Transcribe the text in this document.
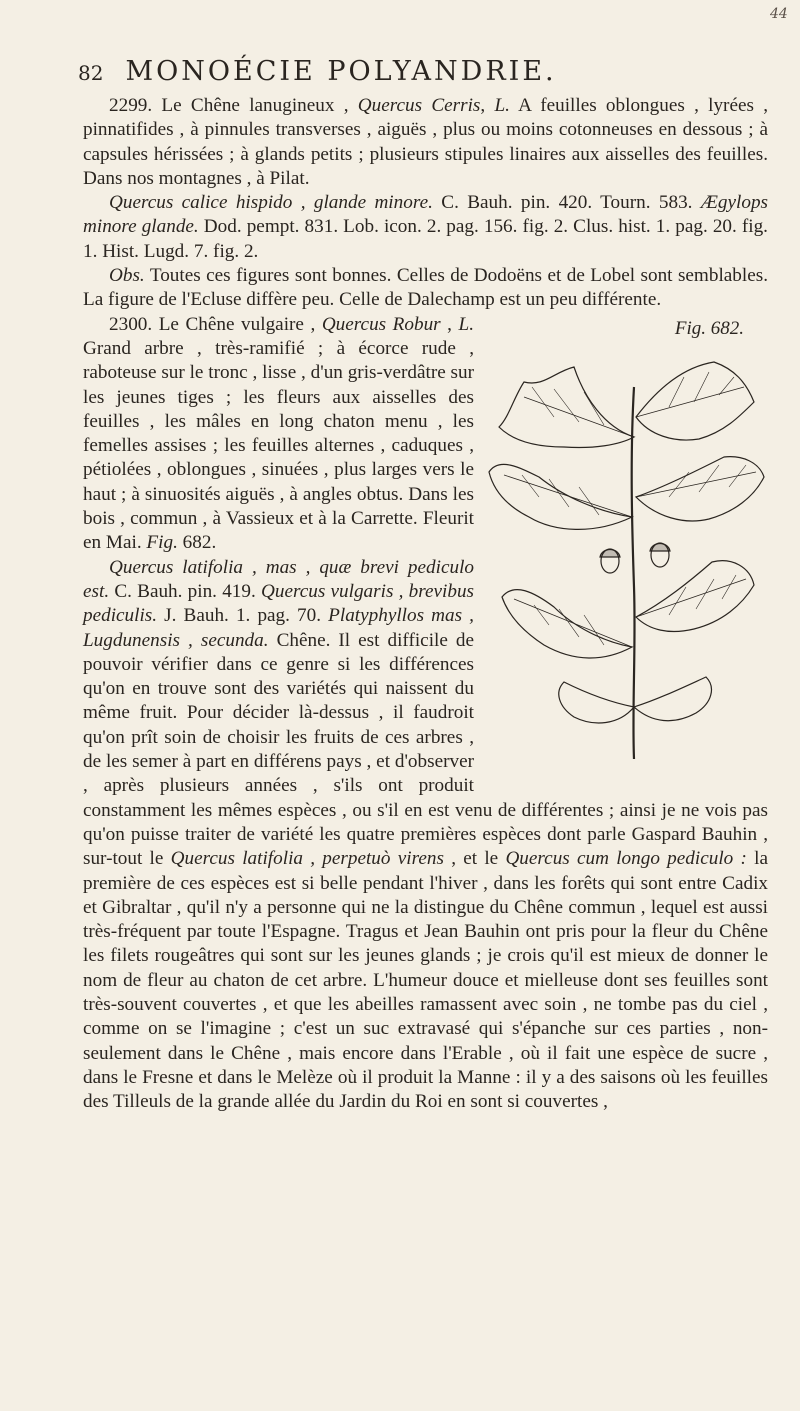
44
82 MONOÉCIE POLYANDRIE.

2299. Le Chêne lanugineux , Quercus Cerris, L. A feuilles oblongues , lyrées , pinnatifides , à pinnules transverses , aiguës , plus ou moins cotonneuses en dessous ; à capsules hérissées ; à glands petits ; plusieurs stipules linaires aux aisselles des feuilles. Dans nos montagnes , à Pilat.

Quercus calice hispido , glande minore. C. Bauh. pin. 420. Tourn. 583. Ægylops minore glande. Dod. pempt. 831. Lob. icon. 2. pag. 156. fig. 2. Clus. hist. 1. pag. 20. fig. 1. Hist. Lugd. 7. fig. 2.

Obs. Toutes ces figures sont bonnes. Celles de Dodoëns et de Lobel sont semblables. La figure de l'Ecluse diffère peu. Celle de Dalechamp est un peu différente.

Fig. 682.

2300. Le Chêne vulgaire , Quercus Robur , L. Grand arbre , très-ramifié ; à écorce rude , raboteuse sur le tronc , lisse , d'un gris-verdâtre sur les jeunes tiges ; les fleurs aux aisselles des feuilles , les mâles en long chaton menu , les femelles assises ; les feuilles alternes , caduques , pétiolées , oblongues , sinuées , plus larges vers le haut ; à sinuosités aiguës , à angles obtus. Dans les bois , commun , à Vassieux et à la Carrette. Fleurit en Mai. Fig. 682.

Quercus latifolia , mas , quæ brevi pediculo est. C. Bauh. pin. 419. Quercus vulgaris , brevibus pediculis. J. Bauh. 1. pag. 70. Platyphyllos mas , Lugdunensis , secunda. Chêne. Il est difficile de pouvoir vérifier dans ce genre si les différences qu'on en trouve sont des variétés qui naissent du même fruit. Pour décider là-dessus , il faudroit qu'on prît soin de choisir les fruits de ces arbres , de les semer à part en différens pays , et d'observer , après plusieurs années , s'ils ont produit constamment les mêmes espèces , ou s'il en est venu de différentes ; ainsi je ne vois pas qu'on puisse traiter de variété les quatre premières espèces dont parle Gaspard Bauhin , sur-tout le Quercus latifolia , perpetuò virens , et le Quercus cum longo pediculo : la première de ces espèces est si belle pendant l'hiver , dans les forêts qui sont entre Cadix et Gibraltar , qu'il n'y a personne qui ne la distingue du Chêne commun , lequel est aussi très-fréquent par toute l'Espagne. Tragus et Jean Bauhin ont pris pour la fleur du Chêne les filets rougeâtres qui sont sur les jeunes glands ; je crois qu'il est mieux de donner le nom de fleur au chaton de cet arbre. L'humeur douce et mielleuse dont ses feuilles sont très-souvent couvertes , et que les abeilles ramassent avec soin , ne tombe pas du ciel , comme on se l'imagine ; c'est un suc extravasé qui s'épanche sur ces parties , non-seulement dans le Chêne , mais encore dans l'Erable , où il fait une espèce de sucre , dans le Fresne et dans le Melèze où il produit la Manne : il y a des saisons où les feuilles des Tilleuls de la grande allée du Jardin du Roi en sont si couvertes ,
